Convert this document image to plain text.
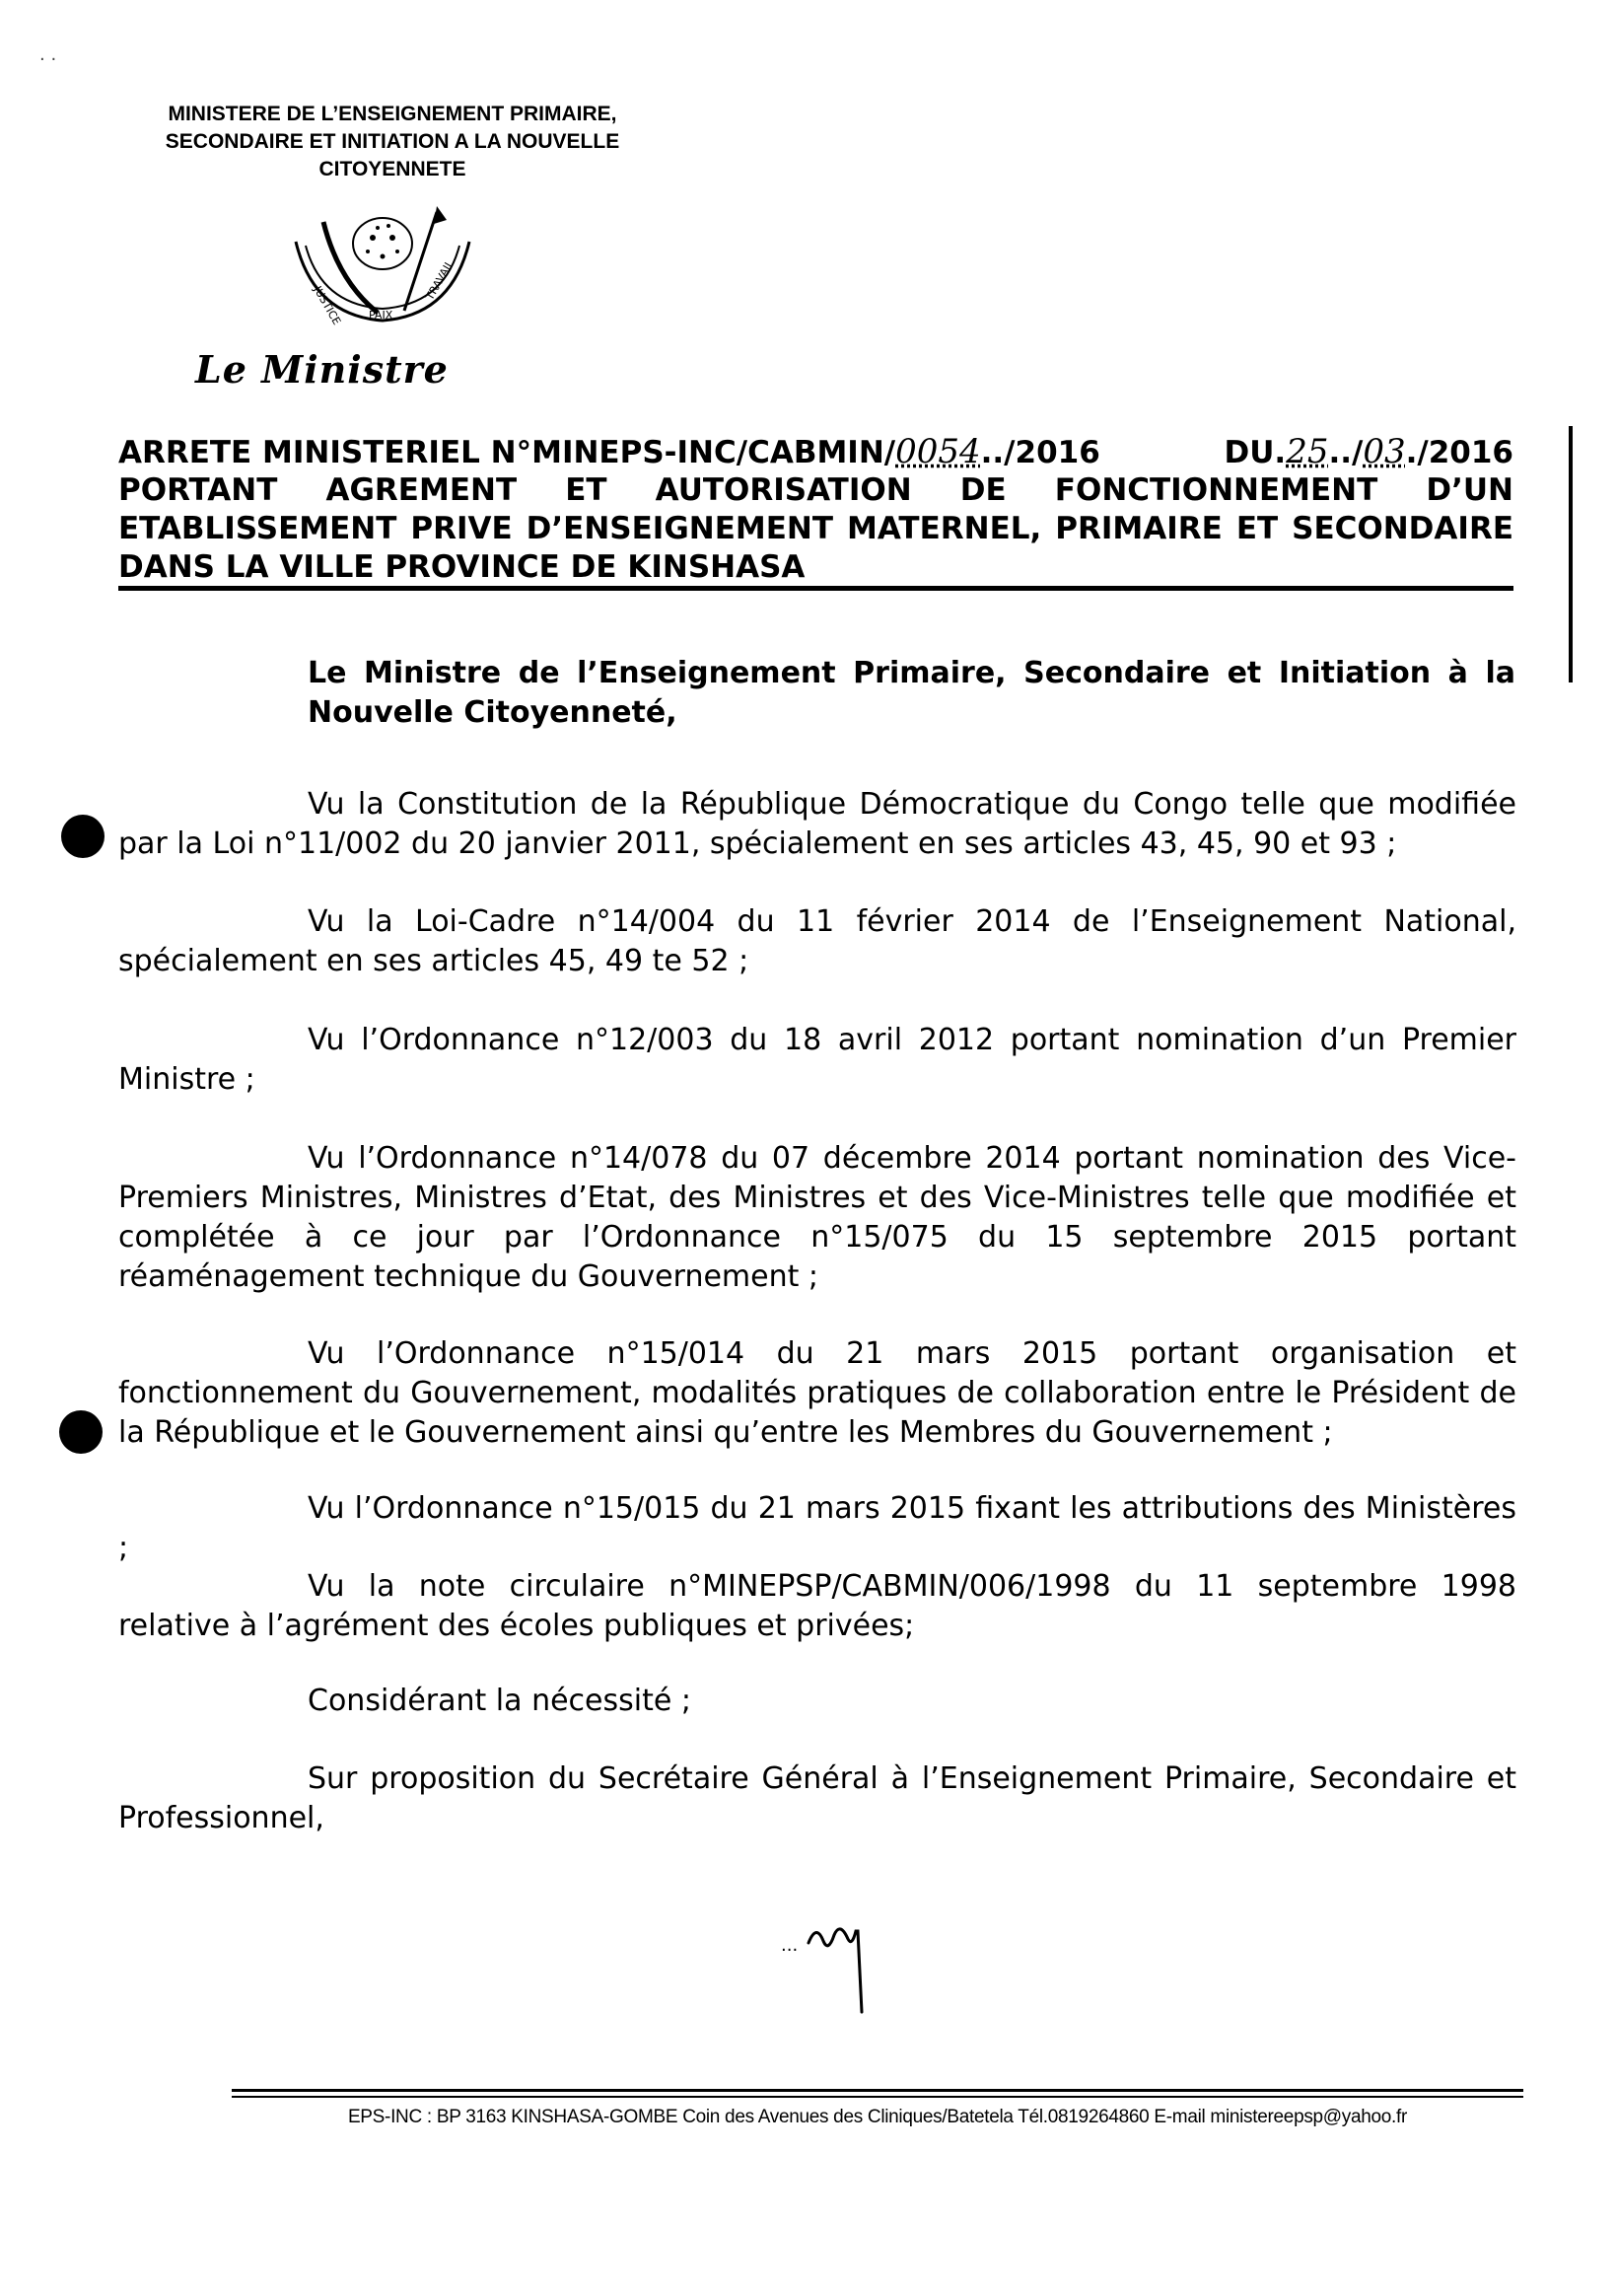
· ·
MINISTERE DE L’ENSEIGNEMENT PRIMAIRE,
SECONDAIRE ET INITIATION A LA NOUVELLE
CITOYENNETE
JUSTICE PAIX
TRAVAIL
Le Ministre
ARRETE MINISTERIEL N°MINEPS-INC/CABMIN/0054../2016	DU.25../03./2016
PORTANT AGREMENT ET AUTORISATION DE FONCTIONNEMENT D’UN
ETABLISSEMENT PRIVE D’ENSEIGNEMENT MATERNEL, PRIMAIRE ET SECONDAIRE
DANS LA VILLE PROVINCE DE KINSHASA
Le Ministre de l’Enseignement Primaire, Secondaire et Initiation à la Nouvelle Citoyenneté,
Vu la Constitution de la République Démocratique du Congo telle que modifiée par la Loi n°11/002 du 20 janvier 2011, spécialement en ses articles 43, 45, 90 et 93 ;
Vu la Loi-Cadre n°14/004 du 11 février 2014 de l’Enseignement National, spécialement en ses articles 45, 49 te 52 ;
Vu l’Ordonnance n°12/003 du 18 avril 2012 portant nomination d’un Premier Ministre ;
Vu l’Ordonnance n°14/078 du 07 décembre 2014 portant nomination des Vice-Premiers Ministres, Ministres d’Etat, des Ministres et des Vice-Ministres telle que modifiée et complétée à ce jour par l’Ordonnance n°15/075 du 15 septembre 2015 portant réaménagement technique du Gouvernement ;
Vu l’Ordonnance n°15/014 du 21 mars 2015 portant organisation et fonctionnement du Gouvernement, modalités pratiques de collaboration entre le Président de la République et le Gouvernement ainsi qu’entre les Membres du Gouvernement ;
Vu l’Ordonnance n°15/015 du 21 mars 2015 fixant les attributions des Ministères ;
Vu la note circulaire n°MINEPSP/CABMIN/006/1998 du 11 septembre 1998 relative à l’agrément des écoles publiques et privées;
Considérant la nécessité ;
Sur proposition du Secrétaire Général à l’Enseignement Primaire, Secondaire et Professionnel,
...
EPS-INC : BP 3163 KINSHASA-GOMBE Coin des Avenues des Cliniques/Batetela Tél.0819264860 E-mail ministereepsp@yahoo.fr
